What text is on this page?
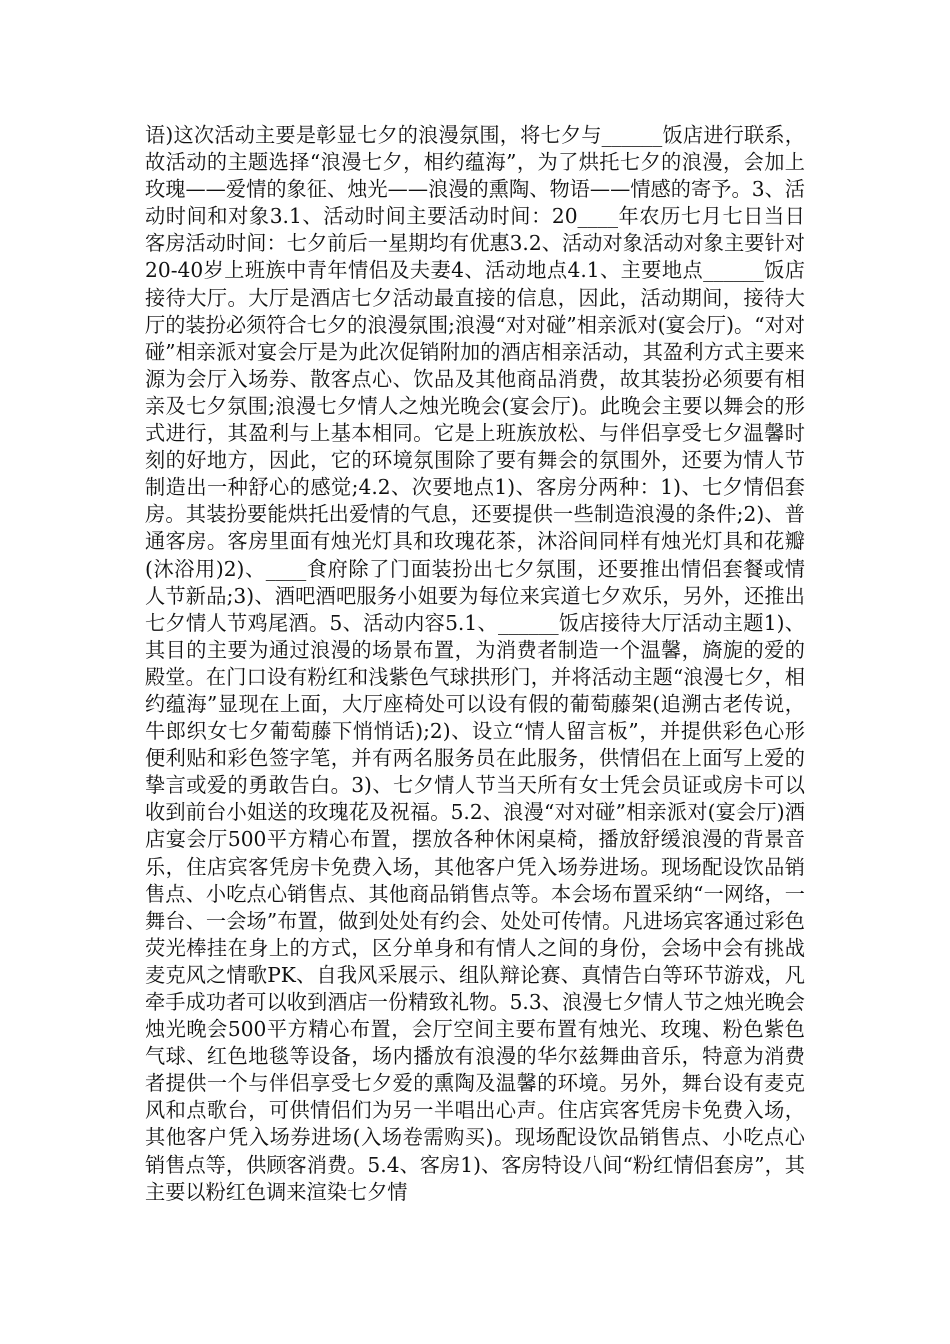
语)这次活动主要是彰显七夕的浪漫氛围，将七夕与______饭店进行联系，故活动的主题选择“浪漫七夕，相约蕴海”，为了烘托七夕的浪漫，会加上玫瑰——爱情的象征、烛光——浪漫的熏陶、物语——情感的寄予。3、活动时间和对象3.1、活动时间主要活动时间：20____年农历七月七日当日客房活动时间：七夕前后一星期均有优惠3.2、活动对象活动对象主要针对20-40岁上班族中青年情侣及夫妻4、活动地点4.1、主要地点______饭店接待大厅。大厅是酒店七夕活动最直接的信息，因此，活动期间，接待大厅的装扮必须符合七夕的浪漫氛围;浪漫“对对碰”相亲派对(宴会厅)。“对对碰”相亲派对宴会厅是为此次促销附加的酒店相亲活动，其盈利方式主要来源为会厅入场券、散客点心、饮品及其他商品消费，故其装扮必须要有相亲及七夕氛围;浪漫七夕情人之烛光晚会(宴会厅)。此晚会主要以舞会的形式进行，其盈利与上基本相同。它是上班族放松、与伴侣享受七夕温馨时刻的好地方，因此，它的环境氛围除了要有舞会的氛围外，还要为情人节制造出一种舒心的感觉;4.2、次要地点1)、客房分两种：1)、七夕情侣套房。其装扮要能烘托出爱情的气息，还要提供一些制造浪漫的条件;2)、普通客房。客房里面有烛光灯具和玫瑰花茶，沐浴间同样有烛光灯具和花瓣(沐浴用)2)、____食府除了门面装扮出七夕氛围，还要推出情侣套餐或情人节新品;3)、酒吧酒吧服务小姐要为每位来宾道七夕欢乐，另外，还推出七夕情人节鸡尾酒。5、活动内容5.1、______饭店接待大厅活动主题1)、其目的主要为通过浪漫的场景布置，为消费者制造一个温馨，旖旎的爱的殿堂。在门口设有粉红和浅紫色气球拱形门，并将活动主题“浪漫七夕，相约蕴海”显现在上面，大厅座椅处可以设有假的葡萄藤架(追溯古老传说，牛郎织女七夕葡萄藤下悄悄话);2)、设立“情人留言板”，并提供彩色心形便利贴和彩色签字笔，并有两名服务员在此服务，供情侣在上面写上爱的挚言或爱的勇敢告白。3)、七夕情人节当天所有女士凭会员证或房卡可以收到前台小姐送的玫瑰花及祝福。5.2、浪漫“对对碰”相亲派对(宴会厅)酒店宴会厅500平方精心布置，摆放各种休闲桌椅，播放舒缓浪漫的背景音乐，住店宾客凭房卡免费入场，其他客户凭入场券进场。现场配设饮品销售点、小吃点心销售点、其他商品销售点等。本会场布置采纳“一网络，一舞台、一会场”布置，做到处处有约会、处处可传情。凡进场宾客通过彩色荧光棒挂在身上的方式，区分单身和有情人之间的身份，会场中会有挑战麦克风之情歌PK、自我风采展示、组队辩论赛、真情告白等环节游戏，凡牵手成功者可以收到酒店一份精致礼物。5.3、浪漫七夕情人节之烛光晚会烛光晚会500平方精心布置，会厅空间主要布置有烛光、玫瑰、粉色紫色气球、红色地毯等设备，场内播放有浪漫的华尔兹舞曲音乐，特意为消费者提供一个与伴侣享受七夕爱的熏陶及温馨的环境。另外，舞台设有麦克风和点歌台，可供情侣们为另一半唱出心声。住店宾客凭房卡免费入场，其他客户凭入场券进场(入场卷需购买)。现场配设饮品销售点、小吃点心销售点等，供顾客消费。5.4、客房1)、客房特设八间“粉红情侣套房”，其主要以粉红色调来渲染七夕情
